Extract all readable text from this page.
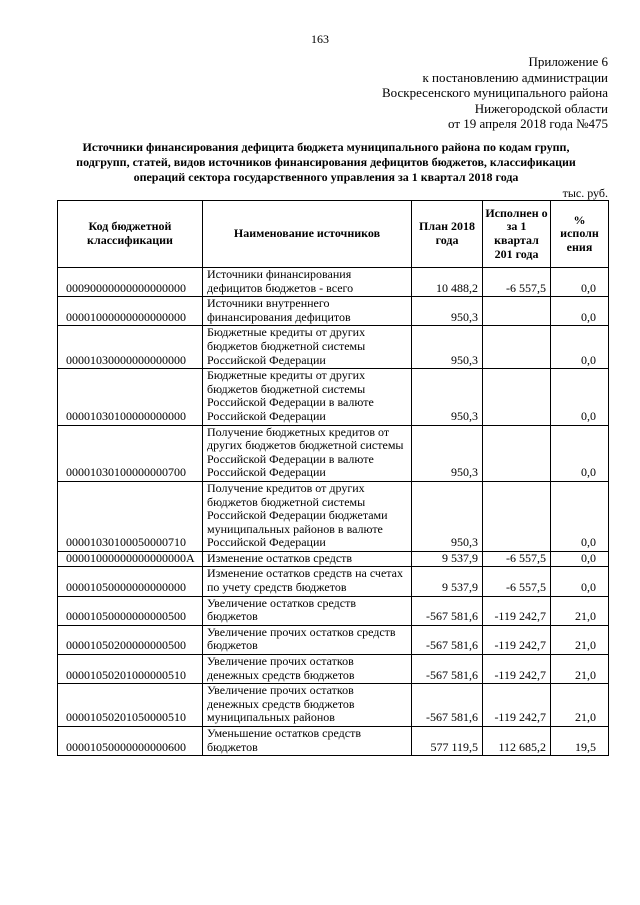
163
Приложение 6
к постановлению администрации
Воскресенского муниципального района
Нижегородской области
от 19 апреля 2018 года №475
Источники финансирования дефицита бюджета муниципального района по кодам групп,
подгрупп, статей, видов источников финансирования дефицитов бюджетов, классификации
операций сектора государственного управления за 1 квартал 2018 года
тыс. руб.
Код бюджетной классификации	Наименование источников	План 2018 года	Исполнен о за 1 квартал 201 года	% исполн ения
00090000000000000000	Источники финансирования дефицитов бюджетов - всего	10 488,2	-6 557,5	0,0
00001000000000000000	Источники внутреннего финансирования дефицитов	950,3		0,0
00001030000000000000	Бюджетные кредиты от других бюджетов бюджетной системы Российской Федерации	950,3		0,0
00001030100000000000	Бюджетные кредиты от других бюджетов бюджетной системы Российской Федерации в валюте Российской Федерации	950,3		0,0
00001030100000000700	Получение бюджетных кредитов от других бюджетов бюджетной системы Российской Федерации в валюте Российской Федерации	950,3		0,0
00001030100050000710	Получение кредитов от других бюджетов бюджетной системы Российской Федерации бюджетами муниципальных районов в валюте Российской Федерации	950,3		0,0
00001000000000000000А	Изменение остатков средств	9 537,9	-6 557,5	0,0
00001050000000000000	Изменение остатков средств на счетах по учету средств бюджетов	9 537,9	-6 557,5	0,0
00001050000000000500	Увеличение остатков средств бюджетов	-567 581,6	-119 242,7	21,0
00001050200000000500	Увеличение прочих остатков средств бюджетов	-567 581,6	-119 242,7	21,0
00001050201000000510	Увеличение прочих остатков денежных средств бюджетов	-567 581,6	-119 242,7	21,0
00001050201050000510	Увеличение прочих остатков денежных средств бюджетов муниципальных районов	-567 581,6	-119 242,7	21,0
00001050000000000600	Уменьшение остатков средств бюджетов	577 119,5	112 685,2	19,5
